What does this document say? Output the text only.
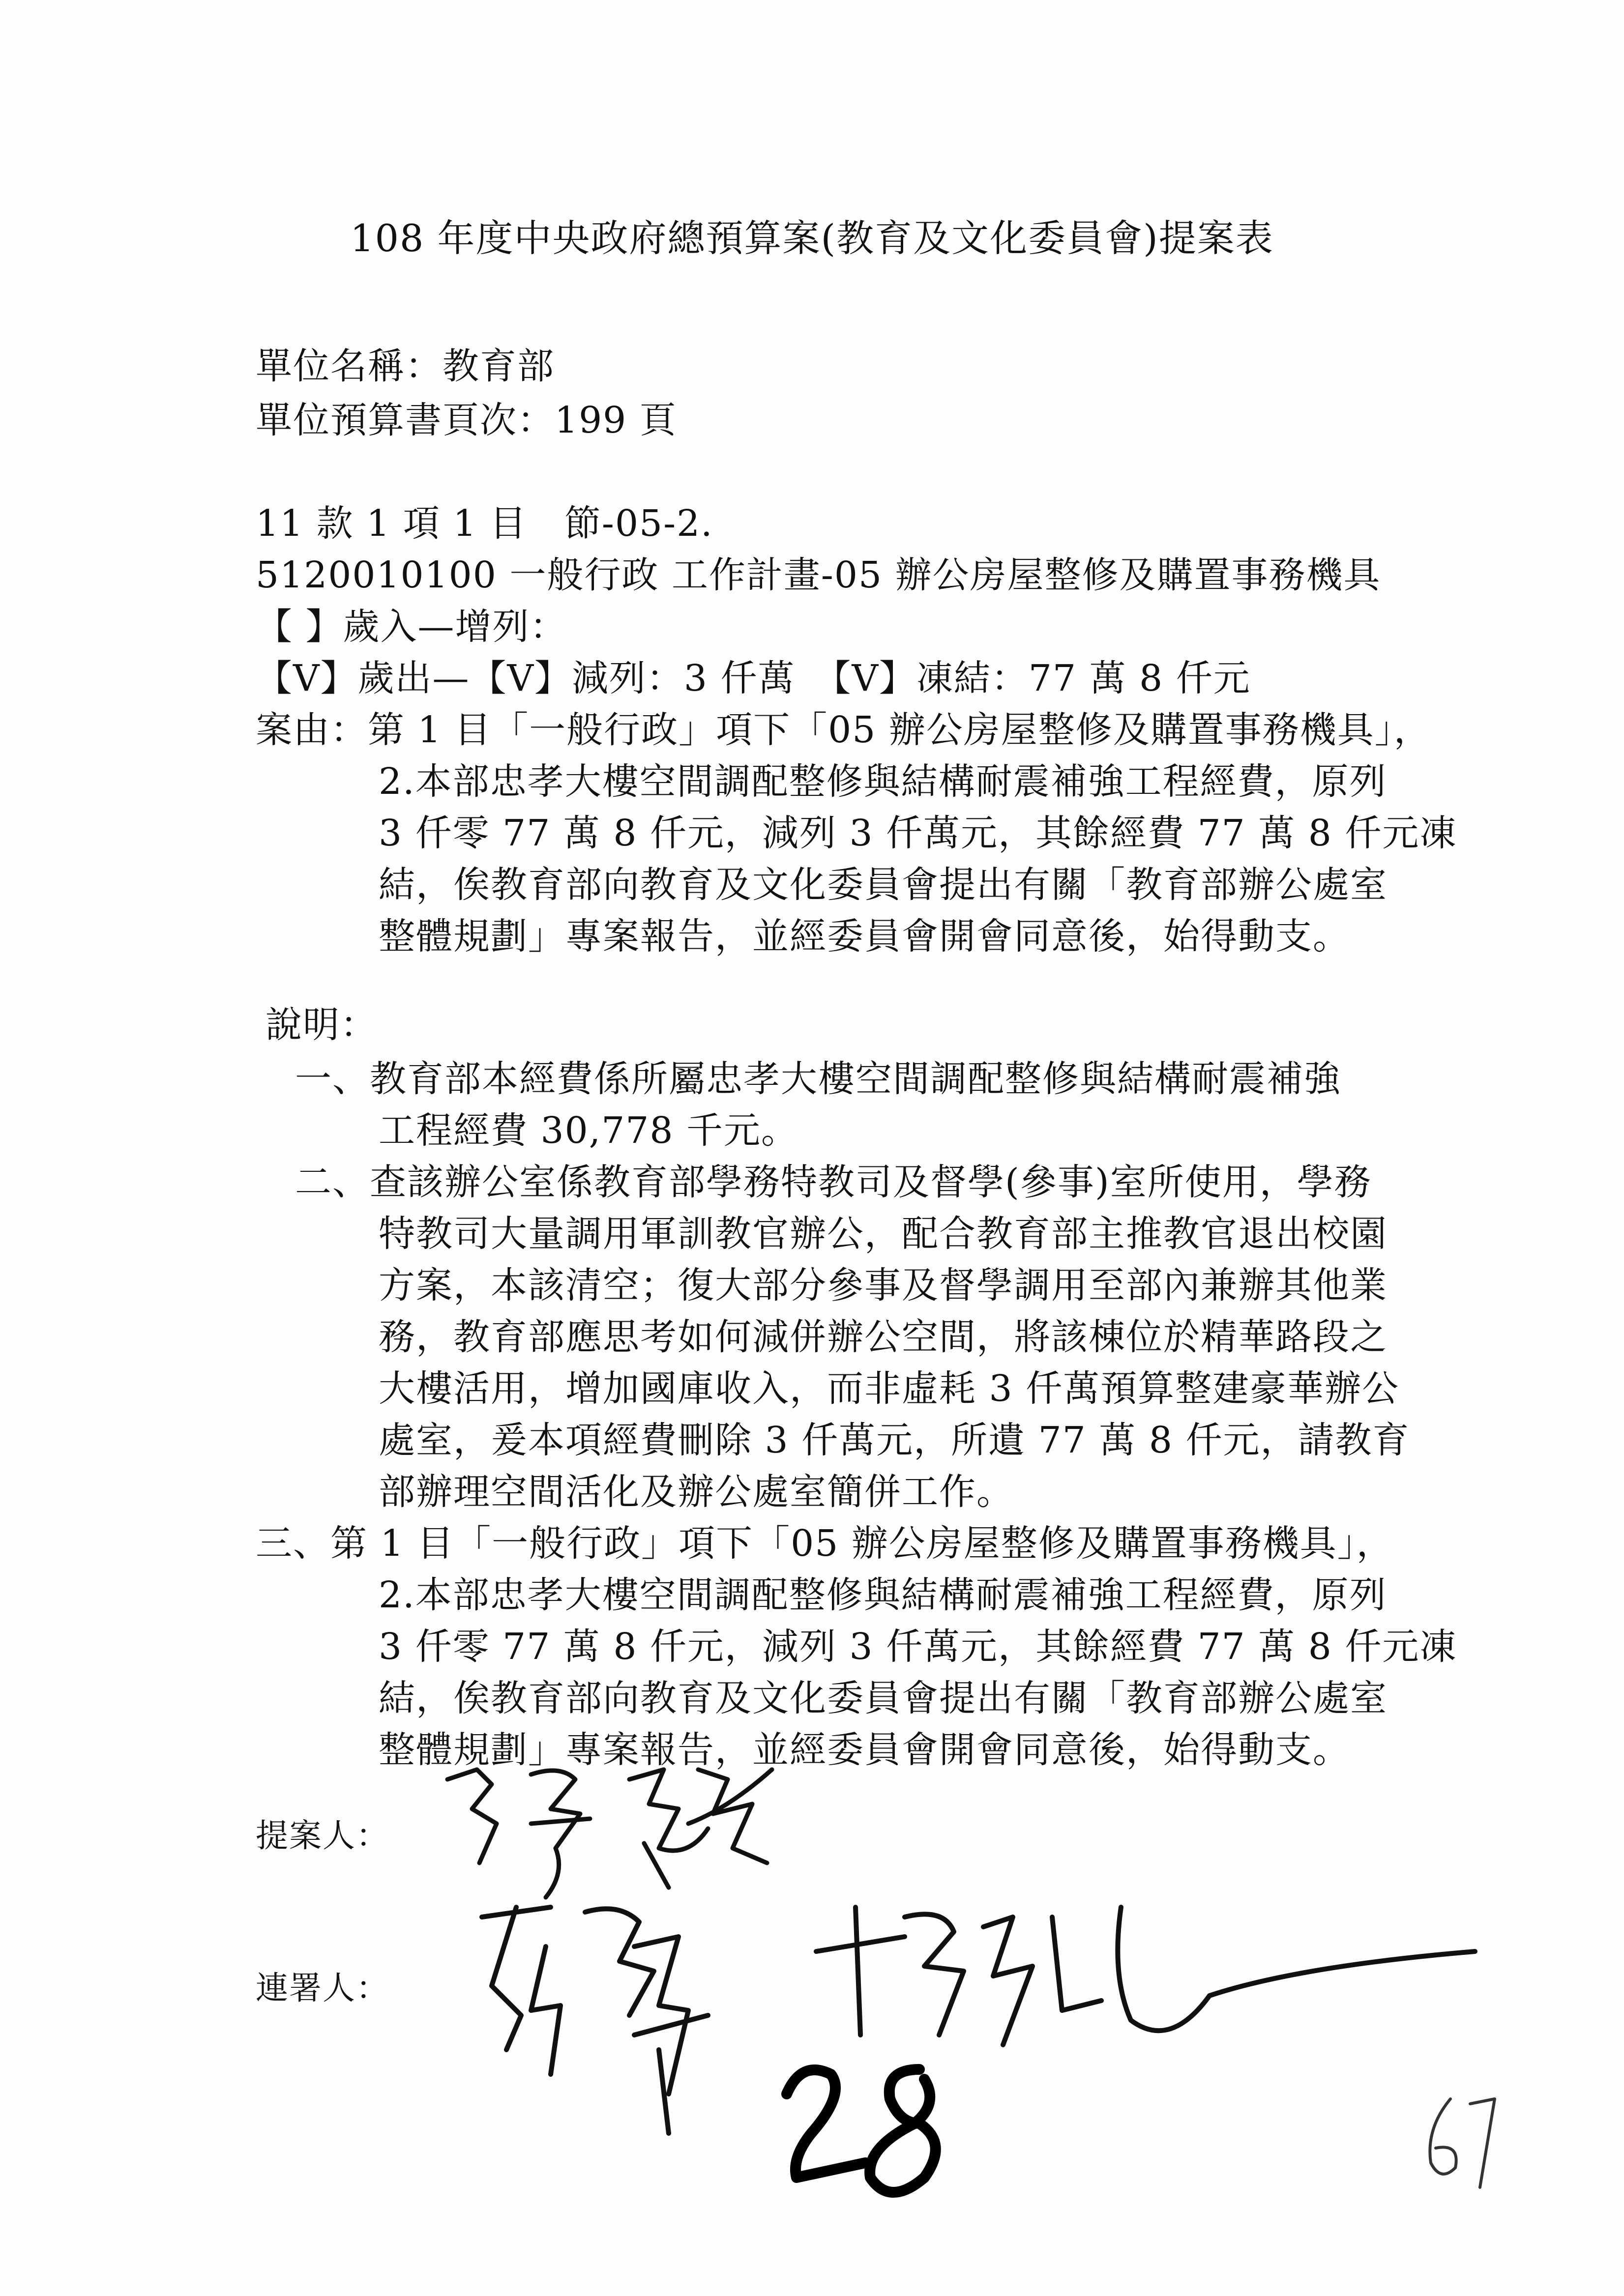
108 年度中央政府總預算案(教育及文化委員會)提案表
單位名稱：教育部
單位預算書頁次：199 頁
11 款 1 項 1 目　節-05-2.
5120010100 一般行政 工作計畫-05 辦公房屋整修及購置事務機具
【 】歲入—增列：
【V】歲出—【V】減列：3 仟萬　【V】凍結：77 萬 8 仟元
案由：第 1 目「一般行政」項下「05 辦公房屋整修及購置事務機具」，
2.本部忠孝大樓空間調配整修與結構耐震補強工程經費，原列
3 仟零 77 萬 8 仟元，減列 3 仟萬元，其餘經費 77 萬 8 仟元凍
結，俟教育部向教育及文化委員會提出有關「教育部辦公處室
整體規劃」專案報告，並經委員會開會同意後，始得動支。
說明：
一、教育部本經費係所屬忠孝大樓空間調配整修與結構耐震補強
工程經費 30,778 千元。
二、查該辦公室係教育部學務特教司及督學(參事)室所使用，學務
特教司大量調用軍訓教官辦公，配合教育部主推教官退出校園
方案，本該清空；復大部分參事及督學調用至部內兼辦其他業
務，教育部應思考如何減併辦公空間，將該棟位於精華路段之
大樓活用，增加國庫收入，而非虛耗 3 仟萬預算整建豪華辦公
處室，爰本項經費刪除 3 仟萬元，所遺 77 萬 8 仟元，請教育
部辦理空間活化及辦公處室簡併工作。
三、第 1 目「一般行政」項下「05 辦公房屋整修及購置事務機具」，
2.本部忠孝大樓空間調配整修與結構耐震補強工程經費，原列
3 仟零 77 萬 8 仟元，減列 3 仟萬元，其餘經費 77 萬 8 仟元凍
結，俟教育部向教育及文化委員會提出有關「教育部辦公處室
整體規劃」專案報告，並經委員會開會同意後，始得動支。
提案人：
連署人：
